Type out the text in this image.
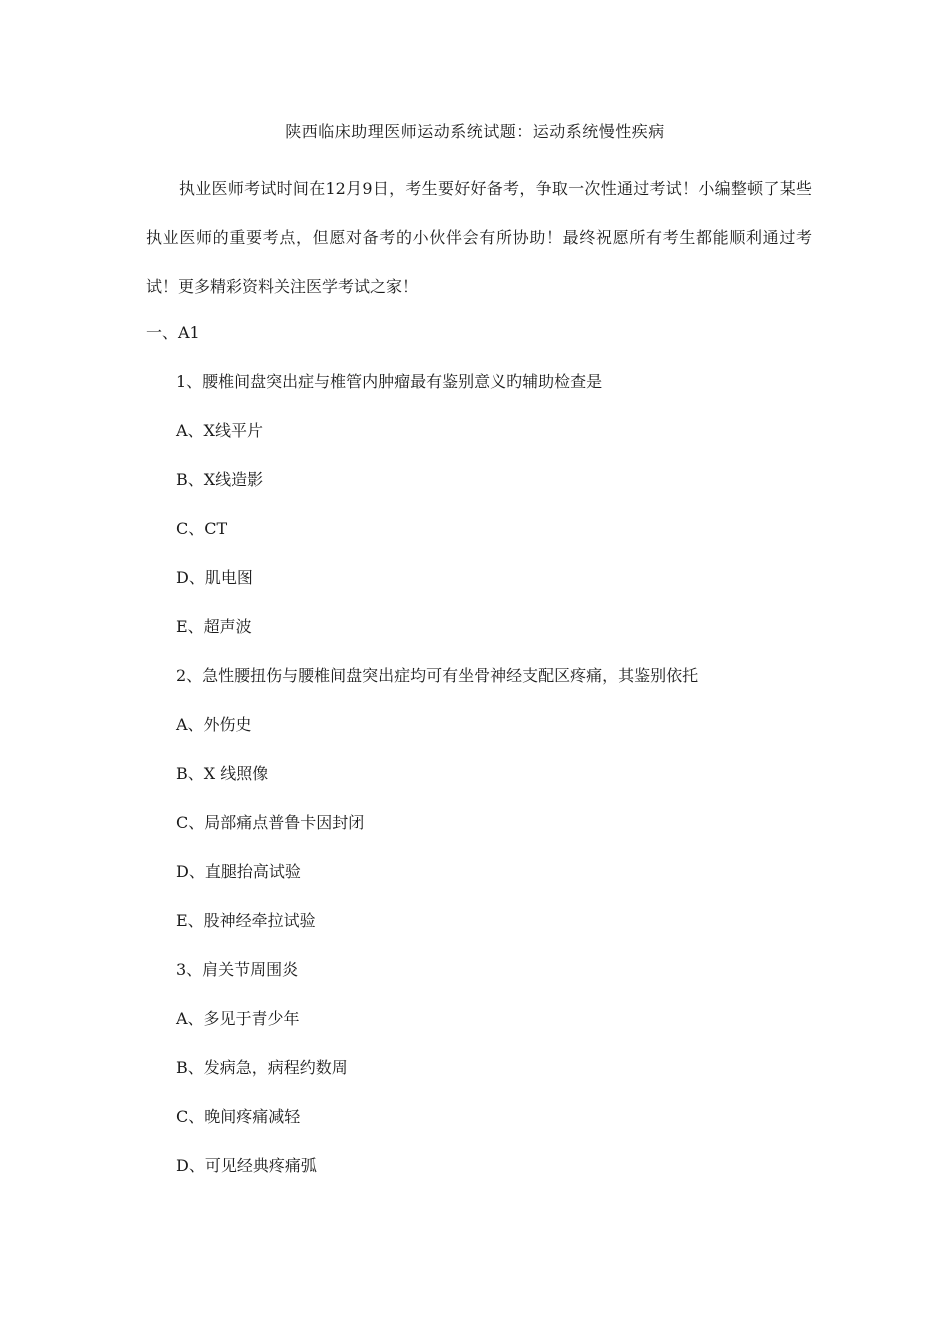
陕西临床助理医师运动系统试题：运动系统慢性疾病
执业医师考试时间在12月9日，考生要好好备考，争取一次性通过考试！小编整顿了某些执业医师的重要考点，但愿对备考的小伙伴会有所协助！最终祝愿所有考生都能顺利通过考试！更多精彩资料关注医学考试之家！
一、A1
1、腰椎间盘突出症与椎管内肿瘤最有鉴别意义旳辅助检查是
A、X线平片
B、X线造影
C、CT
D、肌电图
E、超声波
2、急性腰扭伤与腰椎间盘突出症均可有坐骨神经支配区疼痛，其鉴别依托
A、外伤史
B、X 线照像
C、局部痛点普鲁卡因封闭
D、直腿抬高试验
E、股神经牵拉试验
3、肩关节周围炎
A、多见于青少年
B、发病急，病程约数周
C、晚间疼痛减轻
D、可见经典疼痛弧
